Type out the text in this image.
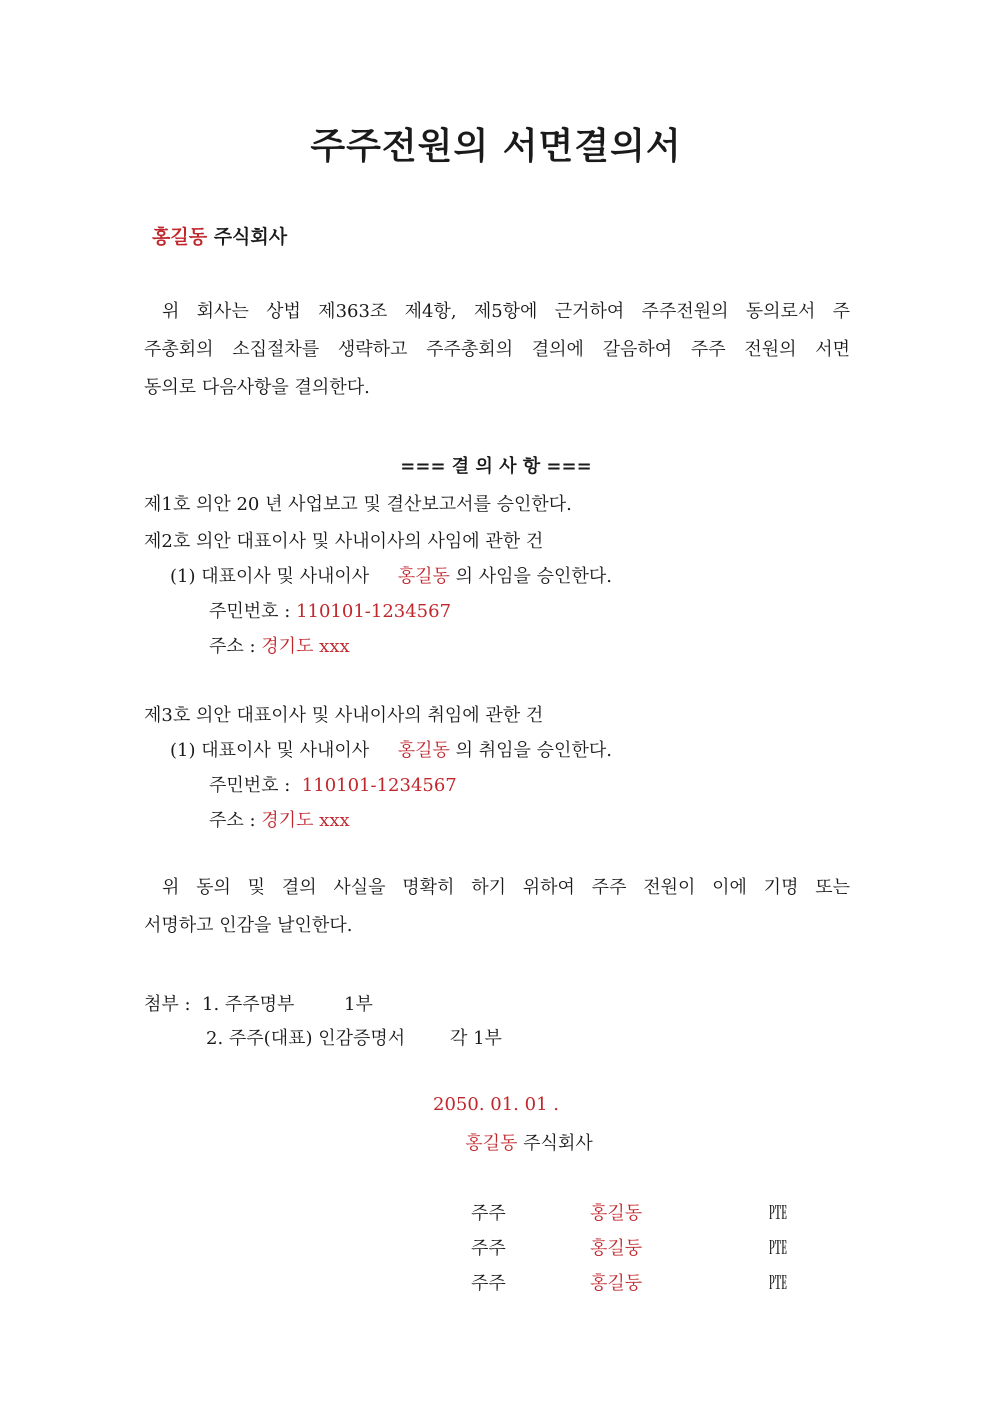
주주전원의 서면결의서
홍길동 주식회사
위 회사는 상법 제363조 제4항, 제5항에 근거하여 주주전원의 동의로서 주
주총회의 소집절차를 생략하고 주주총회의 결의에 갈음하여 주주 전원의 서면
동의로 다음사항을 결의한다.
=== 결 의 사 항 ===
제1호 의안 20 년 사업보고 및 결산보고서를 승인한다.
제2호 의안 대표이사 및 사내이사의 사임에 관한 건
(1) 대표이사 및 사내이사 홍길동 의 사임을 승인한다.
주민번호 : 110101-1234567
주소 : 경기도 xxx
제3호 의안 대표이사 및 사내이사의 취임에 관한 건
(1) 대표이사 및 사내이사 홍길동 의 취임을 승인한다.
주민번호 : 110101-1234567
주소 : 경기도 xxx
위 동의 및 결의 사실을 명확히 하기 위하여 주주 전원이 이에 기명 또는
서명하고 인감을 날인한다.
첨부 : 1. 주주명부	1부
2. 주주(대표) 인감증명서 각 1부
2050. 01. 01 .
홍길동 주식회사
주주	홍길동	㉐
주주	홍길둥	㉐
주주	홍길둥	㉐
